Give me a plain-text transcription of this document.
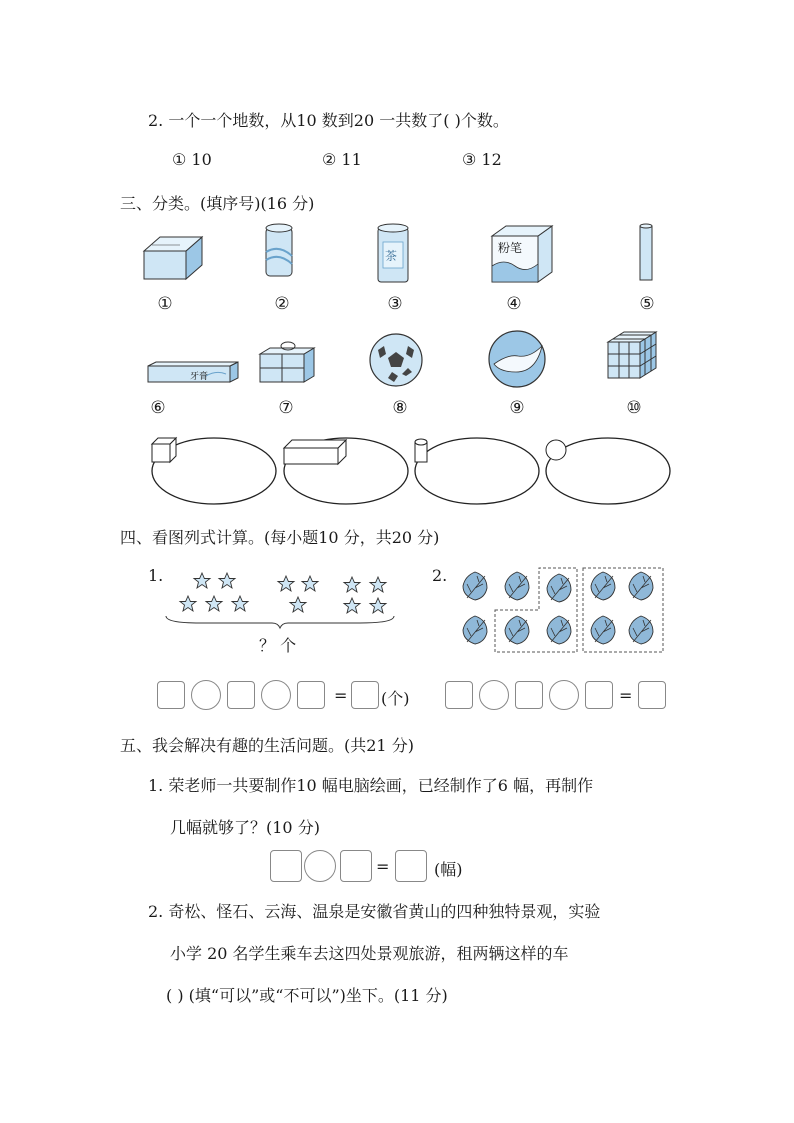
2. 一个一个地数，从10 数到20 一共数了( )个数。
① 10	② 11	③ 12
三、分类。(填序号)(16 分)
茶
粉笔
①	②	③	④	⑤
牙膏
⑥	⑦	⑧	⑨	⑩
四、看图列式计算。(每小题10 分，共20 分)
1.
？ 个
2.
= (个)	=
五、我会解决有趣的生活问题。(共21 分)
1. 荣老师一共要制作10 幅电脑绘画，已经制作了6 幅，再制作
几幅就够了？(10 分)
=	(幅)
2. 奇松、怪石、云海、温泉是安徽省黄山的四种独特景观，实验
小学 20 名学生乘车去这四处景观旅游，租两辆这样的车
( ) (填“可以”或“不可以”)坐下。(11 分)
